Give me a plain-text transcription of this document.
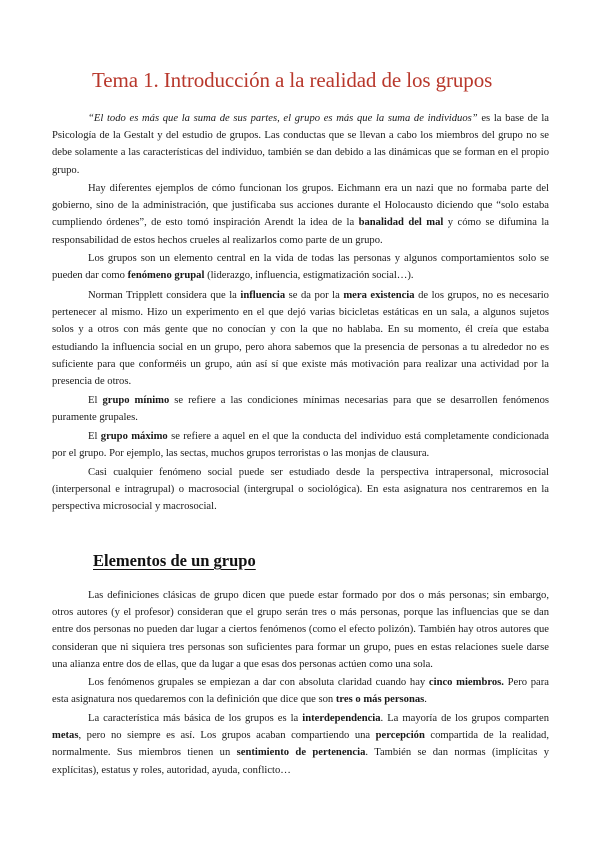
Tema 1. Introducción a la realidad de los grupos

“El todo es más que la suma de sus partes, el grupo es más que la suma de individuos” es la base de la Psicología de la Gestalt y del estudio de grupos. Las conductas que se llevan a cabo los miembros del grupo no se debe solamente a las características del individuo, también se dan debido a las dinámicas que se forman en el propio grupo.

Hay diferentes ejemplos de cómo funcionan los grupos. Eichmann era un nazi que no formaba parte del gobierno, sino de la administración, que justificaba sus acciones durante el Holocausto diciendo que “solo estaba cumpliendo órdenes”, de esto tomó inspiración Arendt la idea de la banalidad del mal y cómo se difumina la responsabilidad de estos hechos crueles al realizarlos como parte de un grupo.

Los grupos son un elemento central en la vida de todas las personas y algunos comportamientos solo se pueden dar como fenómeno grupal (liderazgo, influencia, estigmatización social…).

Norman Tripplett considera que la influencia se da por la mera existencia de los grupos, no es necesario pertenecer al mismo. Hizo un experimento en el que dejó varias bicicletas estáticas en un sala, a algunos sujetos solos y a otros con más gente que no conocían y con la que no hablaba. En su momento, él creía que estaba estudiando la influencia social en un grupo, pero ahora sabemos que la presencia de personas a tu alrededor no es suficiente para que conforméis un grupo, aún así sí que existe más motivación para realizar una actividad por la presencia de otros.

El grupo mínimo se refiere a las condiciones mínimas necesarias para que se desarrollen fenómenos puramente grupales.

El grupo máximo se refiere a aquel en el que la conducta del individuo está completamente condicionada por el grupo. Por ejemplo, las sectas, muchos grupos terroristas o las monjas de clausura.

Casi cualquier fenómeno social puede ser estudiado desde la perspectiva intrapersonal, microsocial (interpersonal e intragrupal) o macrosocial (intergrupal o sociológica). En esta asignatura nos centraremos en la perspectiva microsocial y macrosocial.

Elementos de un grupo

Las definiciones clásicas de grupo dicen que puede estar formado por dos o más personas; sin embargo, otros autores (y el profesor) consideran que el grupo serán tres o más personas, porque las influencias que se dan entre dos personas no pueden dar lugar a ciertos fenómenos (como el efecto polizón). También hay otros autores que consideran que ni siquiera tres personas son suficientes para formar un grupo, pues en estas relaciones suele darse una alianza entre dos de ellas, que da lugar a que esas dos personas actúen como una sola.

Los fenómenos grupales se empiezan a dar con absoluta claridad cuando hay cinco miembros. Pero para esta asignatura nos quedaremos con la definición que dice que son tres o más personas.

La característica más básica de los grupos es la interdependencia. La mayoría de los grupos comparten metas, pero no siempre es así. Los grupos acaban compartiendo una percepción compartida de la realidad, normalmente. Sus miembros tienen un sentimiento de pertenencia. También se dan normas (implícitas y explícitas), estatus y roles, autoridad, ayuda, conflicto…
